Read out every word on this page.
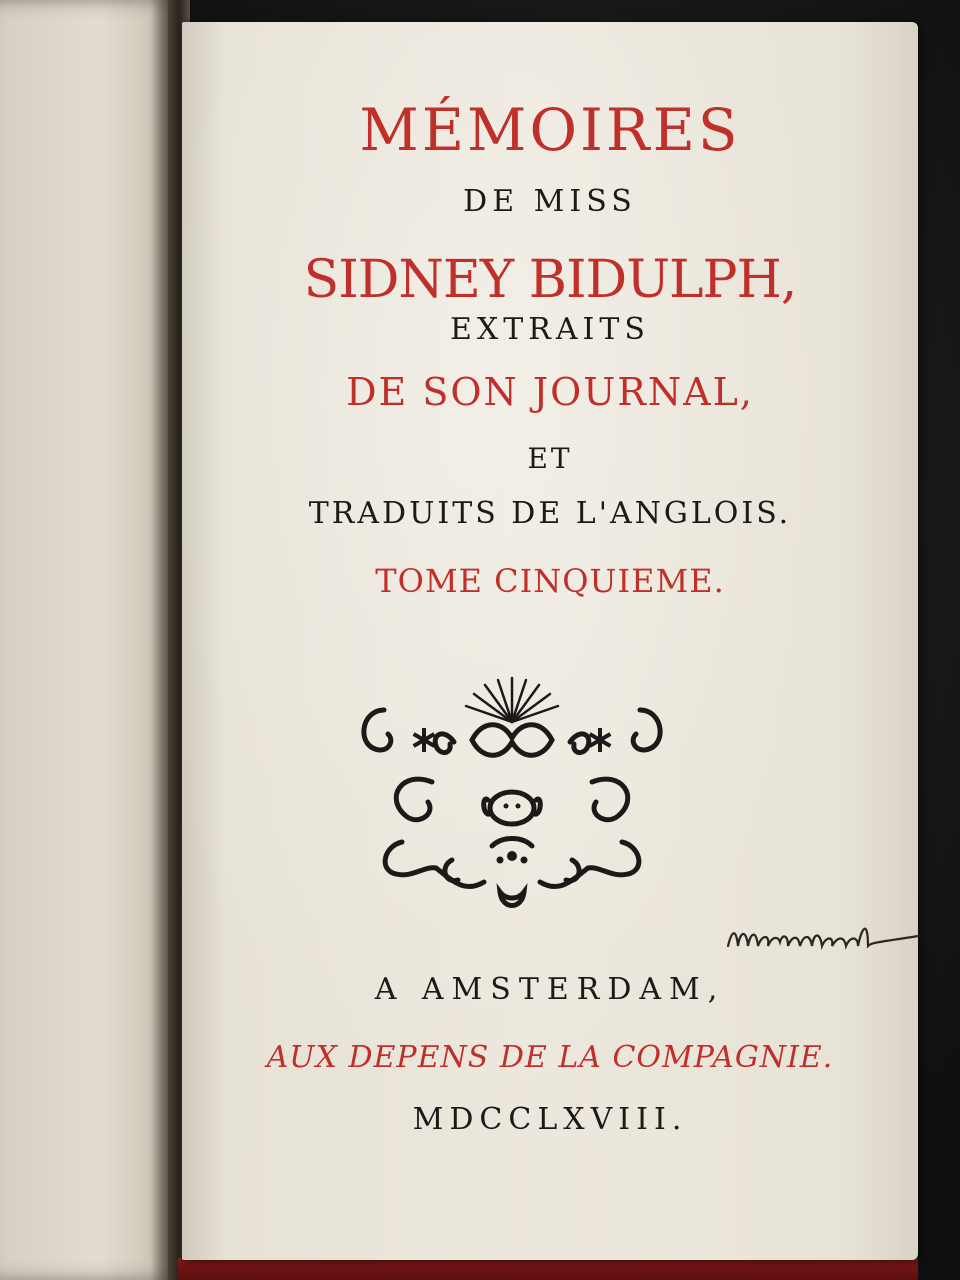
MÉMOIRES
DE MISS
SIDNEY BIDULPH,
EXTRAITS
DE SON JOURNAL,
ET
TRADUITS DE L'ANGLOIS.
TOME CINQUIEME.
A AMSTERDAM,
AUX DEPENS DE LA COMPAGNIE.
MDCCLXVIII.
